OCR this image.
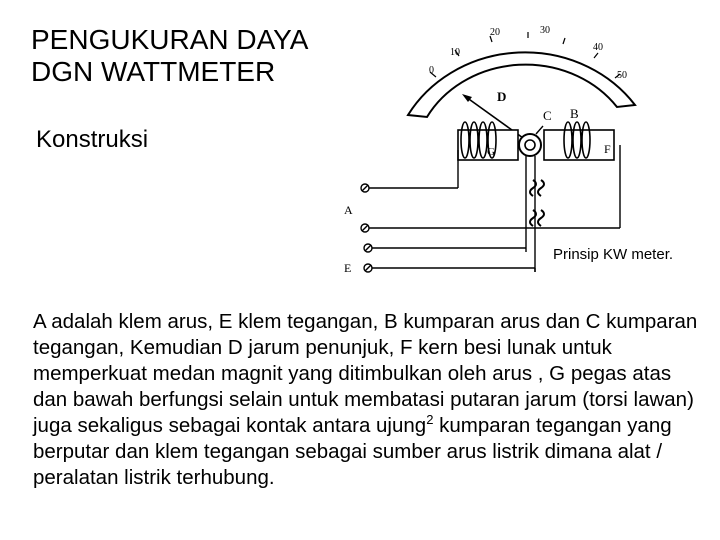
PENGUKURAN DAYA
DGN WATTMETER
Konstruksi
0
10
20	30
40
50
D
F
B
C
G
A
E
Prinsip KW meter.

A adalah klem arus, E klem tegangan, B kumparan arus dan C kumparan tegangan, Kemudian D jarum penunjuk, F kern besi lunak untuk memperkuat medan magnit yang ditimbulkan oleh arus , G pegas atas dan bawah berfungsi selain untuk membatasi putaran jarum (torsi lawan) juga sekaligus sebagai kontak antara ujung$^2$ kumparan tegangan yang berputar dan klem tegangan sebagai sumber arus listrik dimana alat / peralatan listrik terhubung.
